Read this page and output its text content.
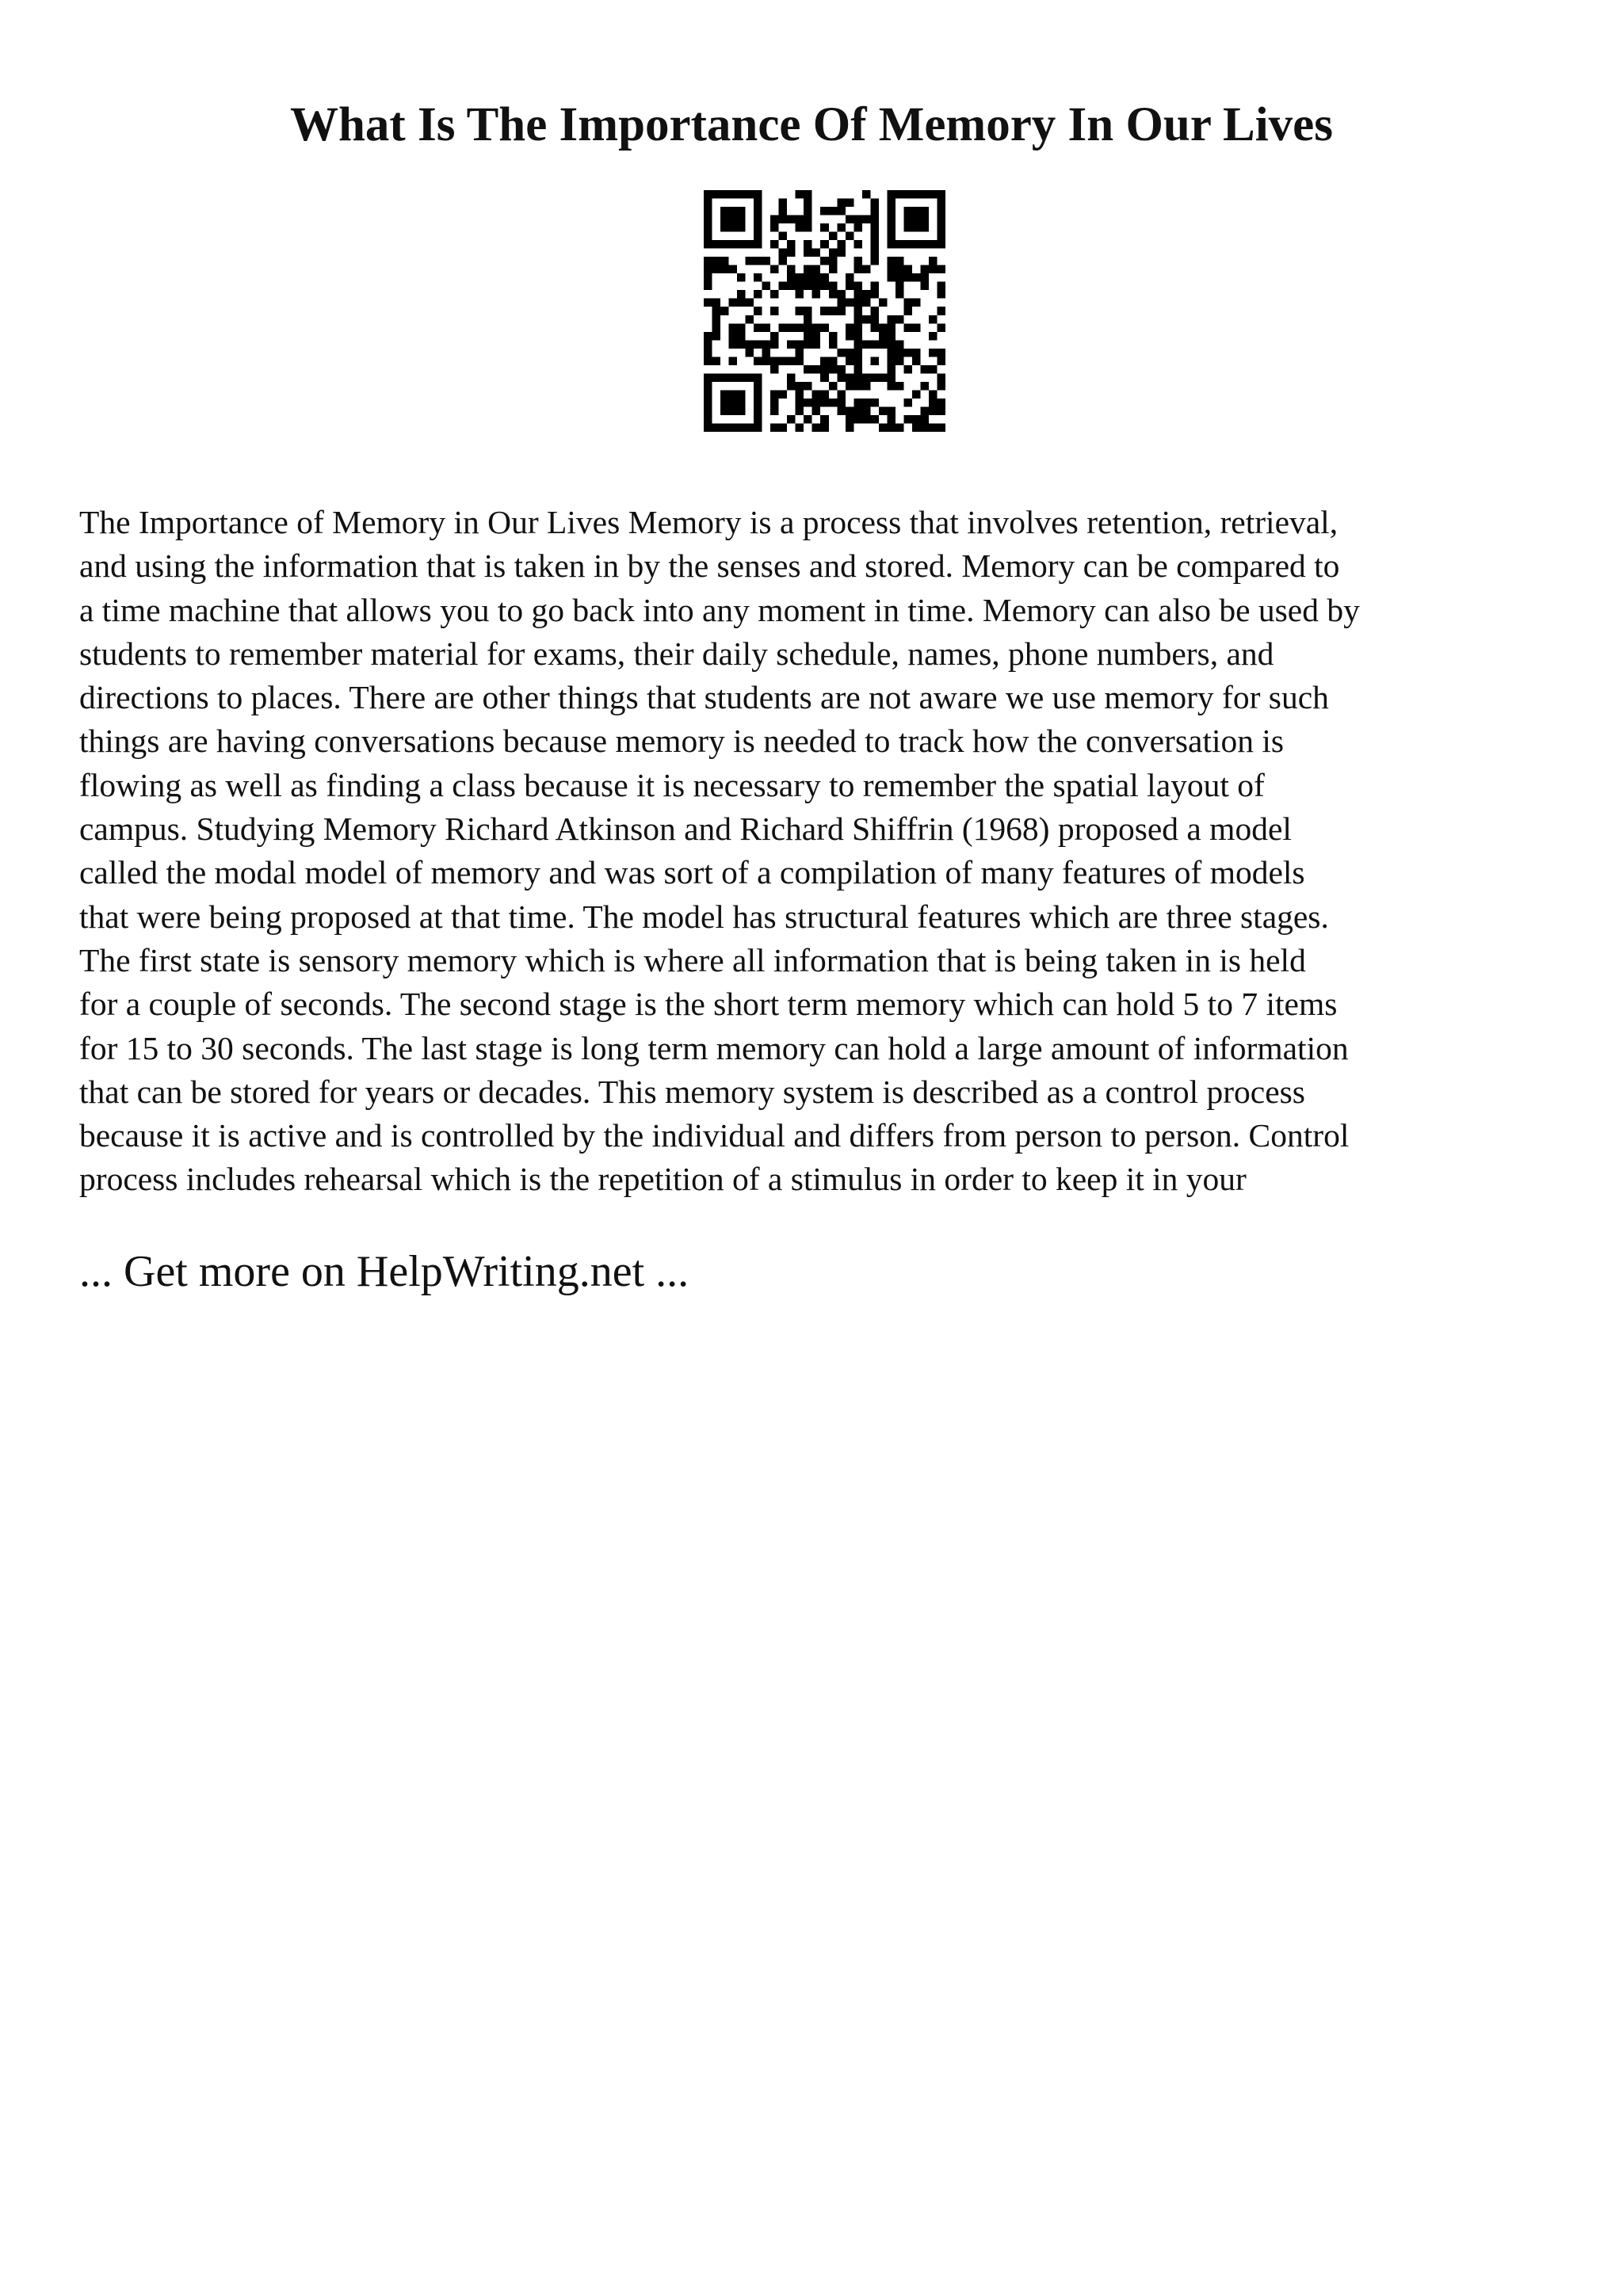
What Is The Importance Of Memory In Our Lives
The Importance of Memory in Our Lives Memory is a process that involves retention, retrieval,
and using the information that is taken in by the senses and stored. Memory can be compared to
a time machine that allows you to go back into any moment in time. Memory can also be used by
students to remember material for exams, their daily schedule, names, phone numbers, and
directions to places. There are other things that students are not aware we use memory for such
things are having conversations because memory is needed to track how the conversation is
flowing as well as finding a class because it is necessary to remember the spatial layout of
campus. Studying Memory Richard Atkinson and Richard Shiffrin (1968) proposed a model
called the modal model of memory and was sort of a compilation of many features of models
that were being proposed at that time. The model has structural features which are three stages.
The first state is sensory memory which is where all information that is being taken in is held
for a couple of seconds. The second stage is the short term memory which can hold 5 to 7 items
for 15 to 30 seconds. The last stage is long term memory can hold a large amount of information
that can be stored for years or decades. This memory system is described as a control process
because it is active and is controlled by the individual and differs from person to person. Control
process includes rehearsal which is the repetition of a stimulus in order to keep it in your
... Get more on HelpWriting.net ...
